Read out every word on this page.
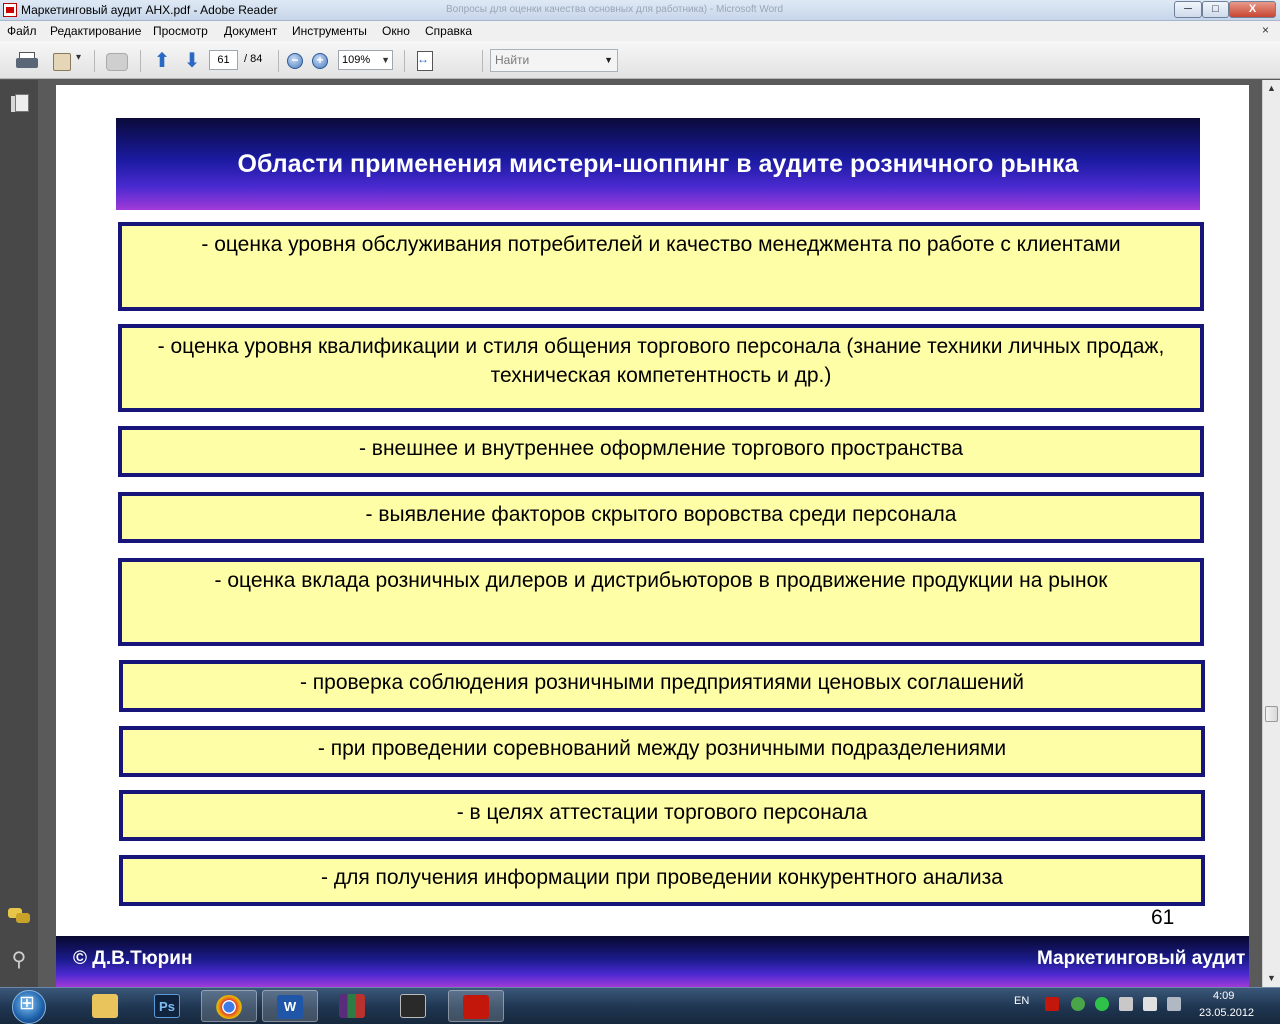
Маркетинговый аудит АНХ.pdf - Adobe Reader	Вопросы для оценки качества основных для работника) - Microsoft Word	─	□	X
Файл Редактирование Просмотр Документ Инструменты Окно Справка	×
▾
⬆ ⬇	−	+
↔
61	/ 84	109% ▼	Найти	▼
⚲
Области применения мистери-шоппинг в аудите розничного рынка
- оценка уровня обслуживания потребителей и качество менеджмента по работе с клиентами
- оценка уровня квалификации и стиля общения торгового персонала (знание техники личных продаж, техническая компетентность и др.)
- внешнее и внутреннее оформление торгового пространства
- выявление факторов скрытого воровства среди персонала
- оценка вклада розничных дилеров и дистрибьюторов в продвижение продукции на рынок
- проверка соблюдения розничными предприятиями ценовых соглашений
- при проведении соревнований между розничными подразделениями
- в целях аттестации торгового персонала
- для получения информации при проведении конкурентного анализа
61
© Д.В.Тюрин	Маркетинговый аудит
▲
▼
⊞
Ps	W	EN	4:09
23.05.2012
